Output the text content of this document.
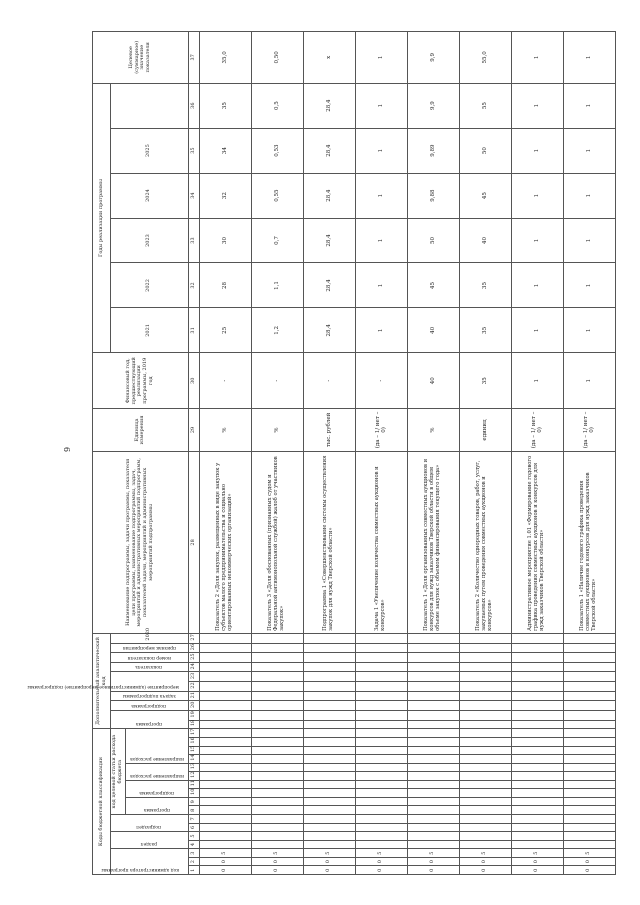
9
Коды бюджетной классификации																	Дополнительный аналитический код										Наименование подпрограммы, задачи программы, показателя цели программы, наименование подпрограммы, задач, мероприятий и административных мероприятий подпрограмм, показателей задачи, мероприятий и административных мероприятий подпрограммы	Единица измерения	Финансовый год, предшествующий реализации программы, 2019 год	Годы реализации программы						Целевое (суммарное) значение показателя

код администратора программы			раздел		подраздел		код целевой статьи расхода бюджета										программа		подпрограмма	задача подпрограммы	мероприятие (административное мероприятие) подпрограммы		показатель	номер показателя	признак мероприятия	2020				2021	2022	2023	2024	2025		

							программа		подпрограмма		направление расходов		направление расходов																							

1	2	3	4	5	6	7	8	9	10	11	12	13	14	15	16	17	18	19	20	21	22	23	24	25	26	27	28	29	30	31	32	33	34	35	36	37
0	0	5																									Показатель 2 «Доля закупок, размещенных в виде закупок у субъектов малого предпринимательства и социально ориентированных некоммерческих организаций»	%	-	25	28	30	32	34	35	35,0
0	0	5																									Показатель 3 «Доля обоснованных (признанных судом и Федеральной антимонопольной службой) жалоб от участников закупок»	%	-	1,2	1,1	0,7	0,55	0,53	0,5	0,50
0	0	5																									Подпрограмма 1 «Совершенствование системы осуществления закупок для нужд Тверской области»	тыс. рублей	-	28,4	28,4	28,4	28,4	28,4	28,4	х
0	0	5																									Задача 1 «Увеличение количества совместных аукционов и конкурсов»	(да – 1/ нет – 0)	-	1	1	1	1	1	1	1
0	0	5																									Показатель 1 «Доля организованных совместных аукционов и конкурсов для нужд заказчиков Тверской области в общем объеме закупок с объемом финансирования текущего года»	%	40	40	45	50	9,88	9,89	9,9	9,9
0	0	5																									Показатель 2 «Количество однородных товаров, работ, услуг, закупаемых путем проведения совместных аукционов и конкурсов»	единиц	35	35	35	40	45	50	55	55,0
0	0	5																									Административное мероприятие 1.01 «Формирование годового графика проведения совместных аукционов и конкурсов для нужд заказчиков Тверской области»	(да – 1/ нет – 0)	1	1	1	1	1	1	1	1
0	0	5																									Показатель 1 «Наличие годового графика проведения совместных аукционов и конкурсов для нужд заказчиков Тверской области»	(да – 1/ нет – 0)	1	1	1	1	1	1	1	1
